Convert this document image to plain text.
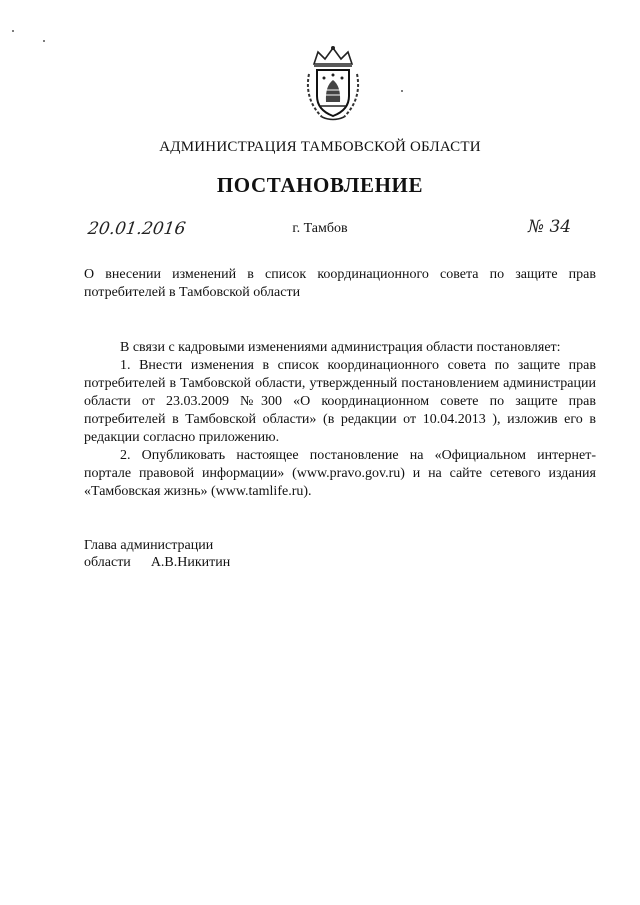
АДМИНИСТРАЦИЯ ТАМБОВСКОЙ ОБЛАСТИ
ПОСТАНОВЛЕНИЕ
20.01.2016	г. Тамбов	№ 34
О внесении изменений в список координационного совета по защите прав потребителей в Тамбовской области

В связи с кадровыми изменениями администрация области постановляет:

1. Внести изменения в список координационного совета по защите прав потребителей в Тамбовской области, утвержденный постановлением администрации области от 23.03.2009 №300 «О координационном совете по защите прав потребителей в Тамбовской области» (в редакции от 10.04.2013 ), изложив его в редакции согласно приложению.

2. Опубликовать настоящее постановление на «Официальном интернет-портале правовой информации» (www.pravo.gov.ru) и на сайте сетевого издания «Тамбовская жизнь» (www.tamlife.ru).

Глава администрации
области А.В.Никитин
